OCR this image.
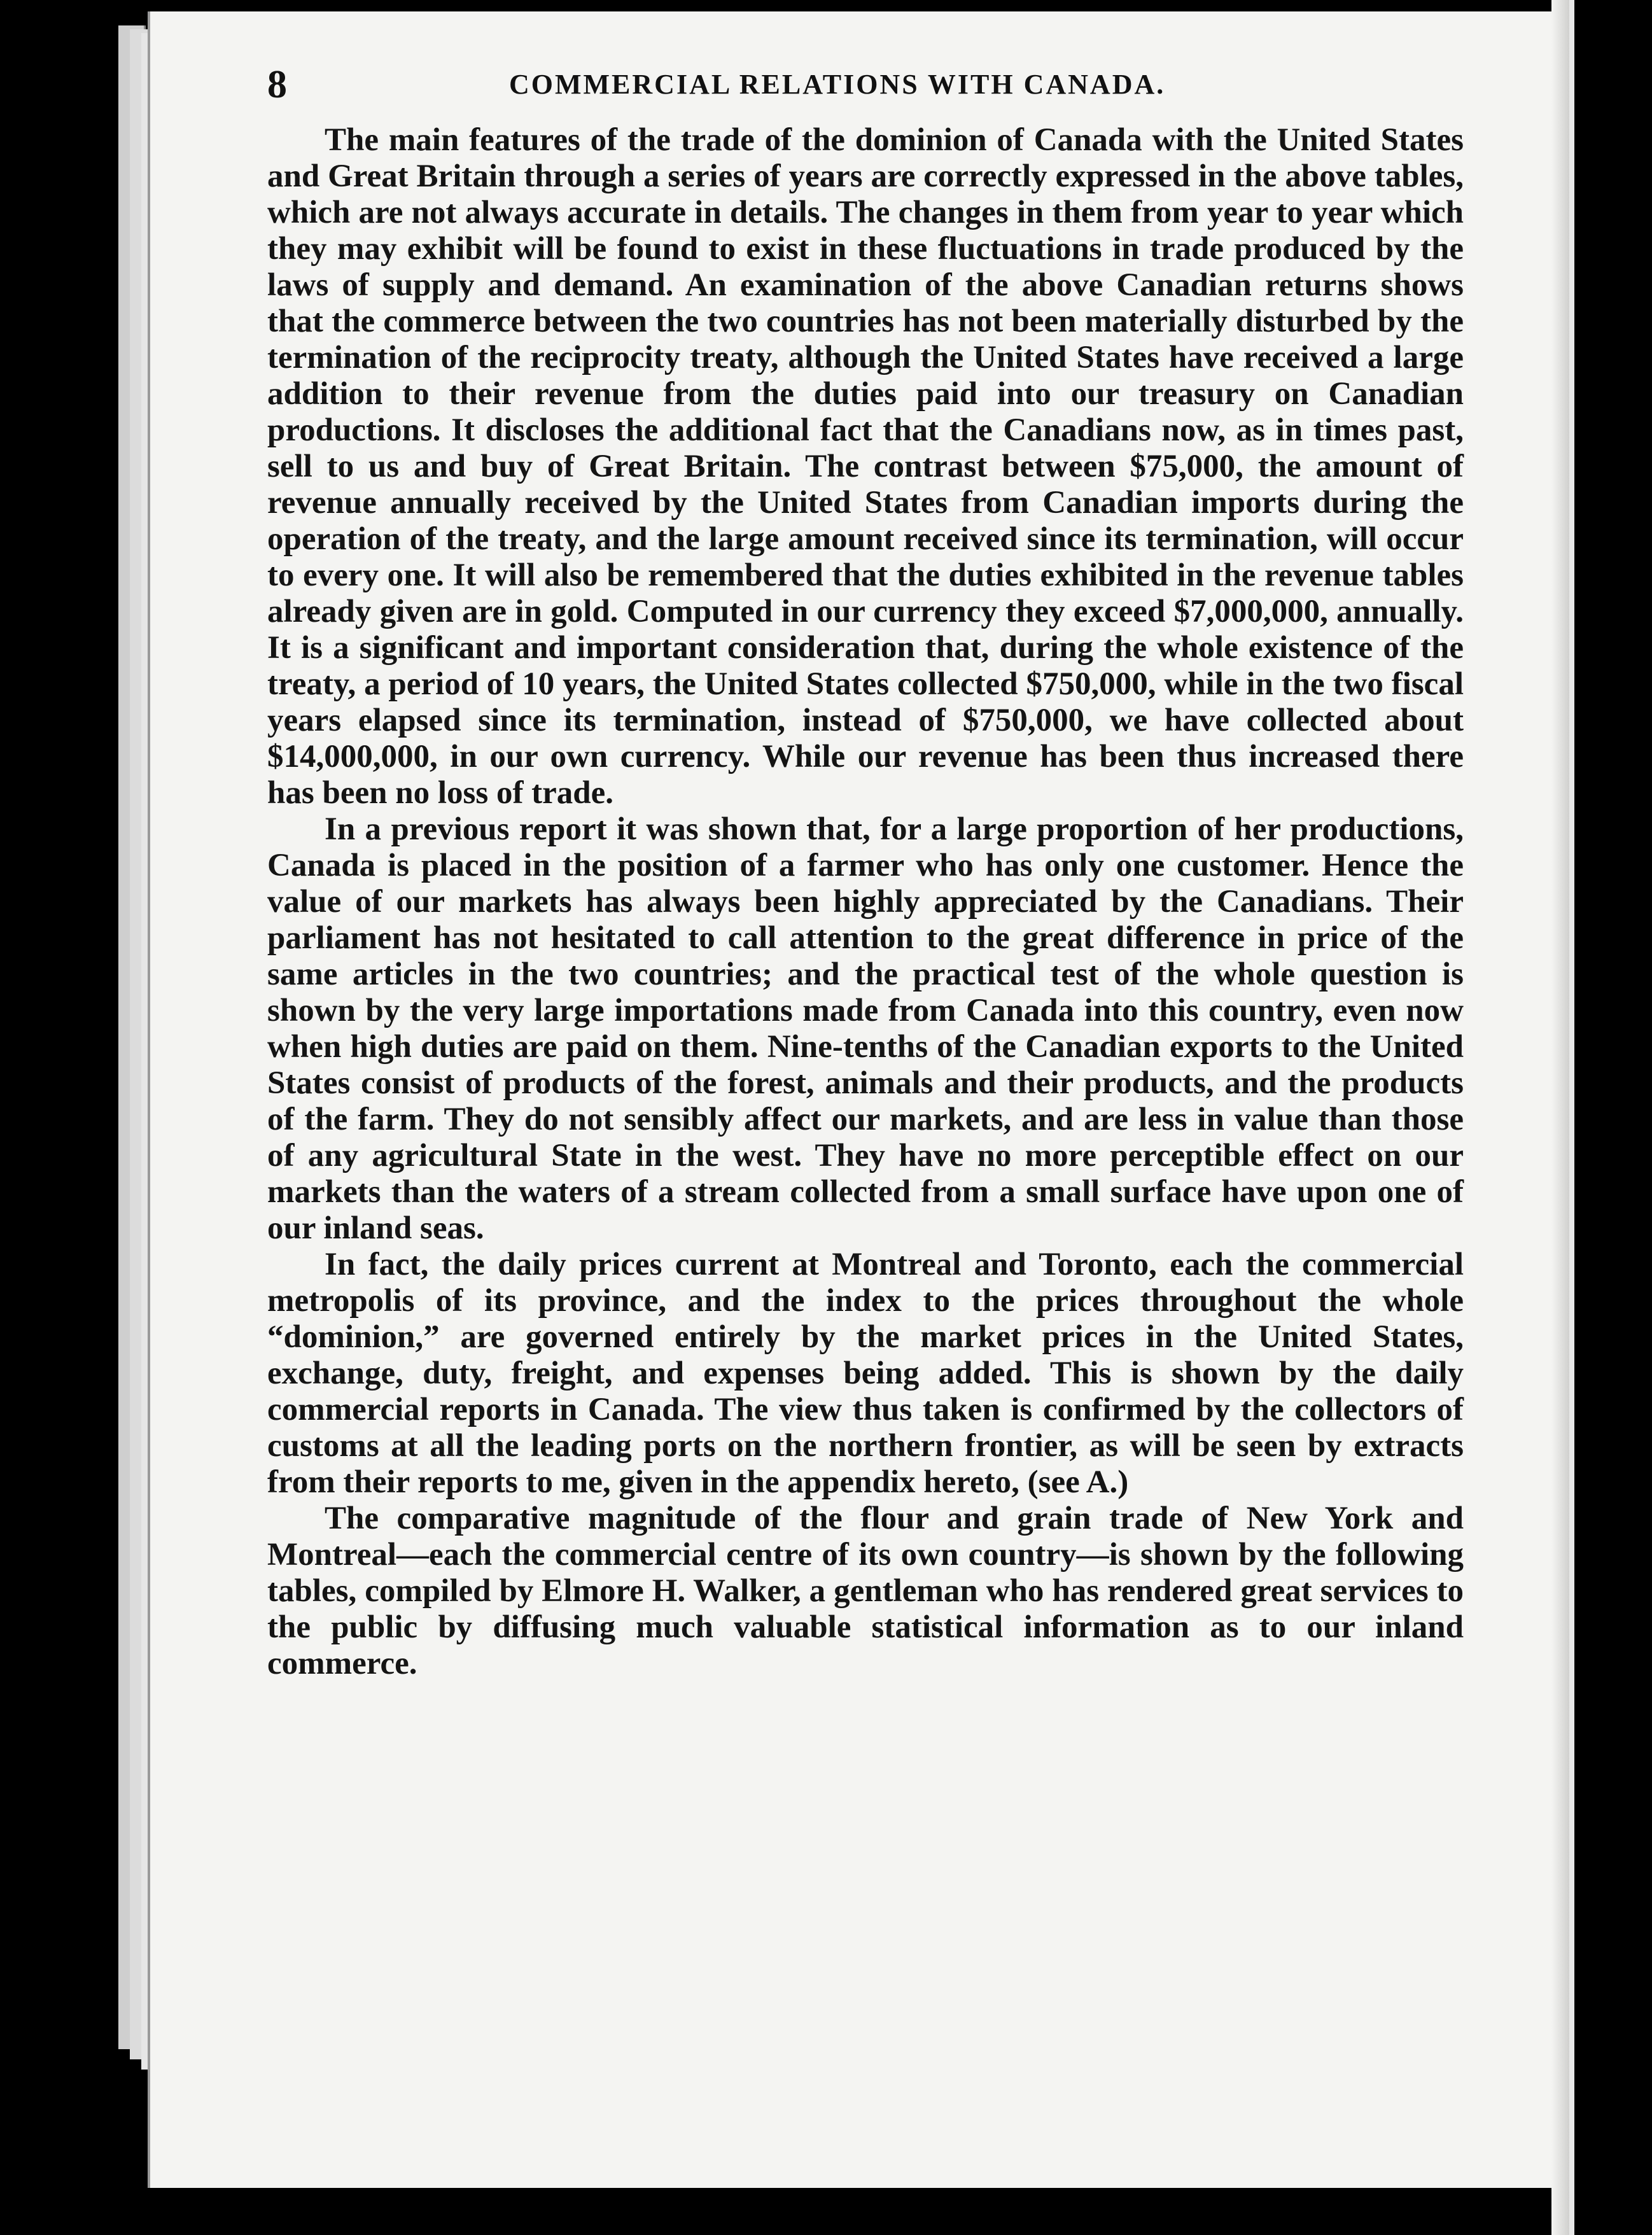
8	COMMERCIAL RELATIONS WITH CANADA.

The main features of the trade of the dominion of Canada with the United States and Great Britain through a series of years are correctly expressed in the above tables, which are not always accurate in details. The changes in them from year to year which they may exhibit will be found to exist in these fluctuations in trade produced by the laws of supply and demand. An examination of the above Canadian returns shows that the commerce between the two countries has not been materially disturbed by the termination of the reciprocity treaty, although the United States have received a large addition to their revenue from the duties paid into our treasury on Canadian productions. It discloses the additional fact that the Canadians now, as in times past, sell to us and buy of Great Britain. The contrast between $75,000, the amount of revenue annually received by the United States from Canadian imports during the operation of the treaty, and the large amount received since its termination, will occur to every one. It will also be remembered that the duties exhibited in the revenue tables already given are in gold. Computed in our currency they exceed $7,000,000, annually. It is a significant and important consideration that, during the whole existence of the treaty, a period of 10 years, the United States collected $750,000, while in the two fiscal years elapsed since its termination, instead of $750,000, we have collected about $14,000,000, in our own currency. While our revenue has been thus increased there has been no loss of trade.

In a previous report it was shown that, for a large proportion of her productions, Canada is placed in the position of a farmer who has only one customer. Hence the value of our markets has always been highly appreciated by the Canadians. Their parliament has not hesitated to call attention to the great difference in price of the same articles in the two countries; and the practical test of the whole question is shown by the very large importations made from Canada into this country, even now when high duties are paid on them. Nine-tenths of the Canadian exports to the United States consist of products of the forest, animals and their products, and the products of the farm. They do not sensibly affect our markets, and are less in value than those of any agricultural State in the west. They have no more perceptible effect on our markets than the waters of a stream collected from a small surface have upon one of our inland seas.

In fact, the daily prices current at Montreal and Toronto, each the commercial metropolis of its province, and the index to the prices throughout the whole “dominion,” are governed entirely by the market prices in the United States, exchange, duty, freight, and expenses being added. This is shown by the daily commercial reports in Canada. The view thus taken is confirmed by the collectors of customs at all the leading ports on the northern frontier, as will be seen by extracts from their reports to me, given in the appendix hereto, (see A.)

The comparative magnitude of the flour and grain trade of New York and Montreal—each the commercial centre of its own country—is shown by the following tables, compiled by Elmore H. Walker, a gentleman who has rendered great services to the public by diffusing much valuable statistical information as to our inland commerce.
